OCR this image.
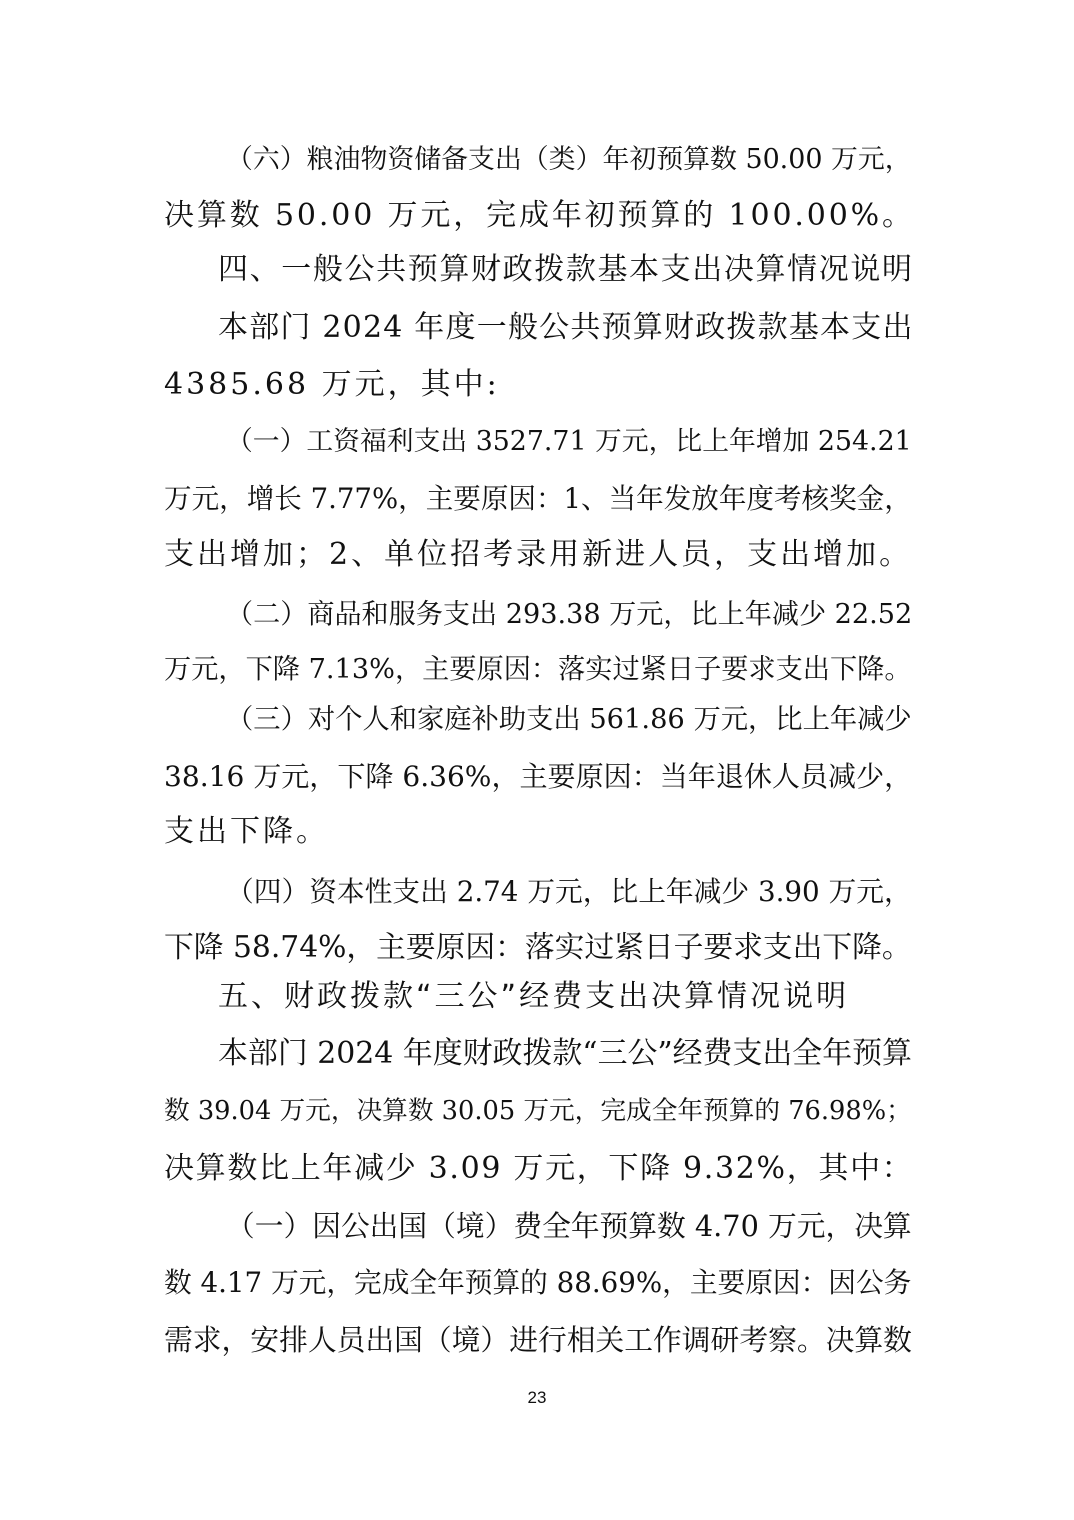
（六）粮油物资储备支出（类）年初预算数 50.00 万元，

决算数 50.00 万元，完成年初预算的 100.00%。

四、一般公共预算财政拨款基本支出决算情况说明

本部门 2024 年度一般公共预算财政拨款基本支出

4385.68 万元，其中:

（一）工资福利支出 3527.71 万元，比上年增加 254.21

万元，增长 7.77%，主要原因：1、当年发放年度考核奖金，

支出增加；2、单位招考录用新进人员，支出增加。

（二）商品和服务支出 293.38 万元，比上年减少 22.52

万元，下降 7.13%，主要原因：落实过紧日子要求支出下降。

（三）对个人和家庭补助支出 561.86 万元，比上年减少

38.16 万元，下降 6.36%，主要原因：当年退休人员减少，

支出下降。

（四）资本性支出 2.74 万元，比上年减少 3.90 万元，

下降 58.74%，主要原因：落实过紧日子要求支出下降。

五、财政拨款“三公”经费支出决算情况说明

本部门 2024 年度财政拨款“三公”经费支出全年预算

数 39.04 万元，决算数 30.05 万元，完成全年预算的 76.98%；

决算数比上年减少 3.09 万元，下降 9.32%，其中：

（一）因公出国（境）费全年预算数 4.70 万元，决算

数 4.17 万元，完成全年预算的 88.69%，主要原因：因公务

需求，安排人员出国（境）进行相关工作调研考察。决算数

23
